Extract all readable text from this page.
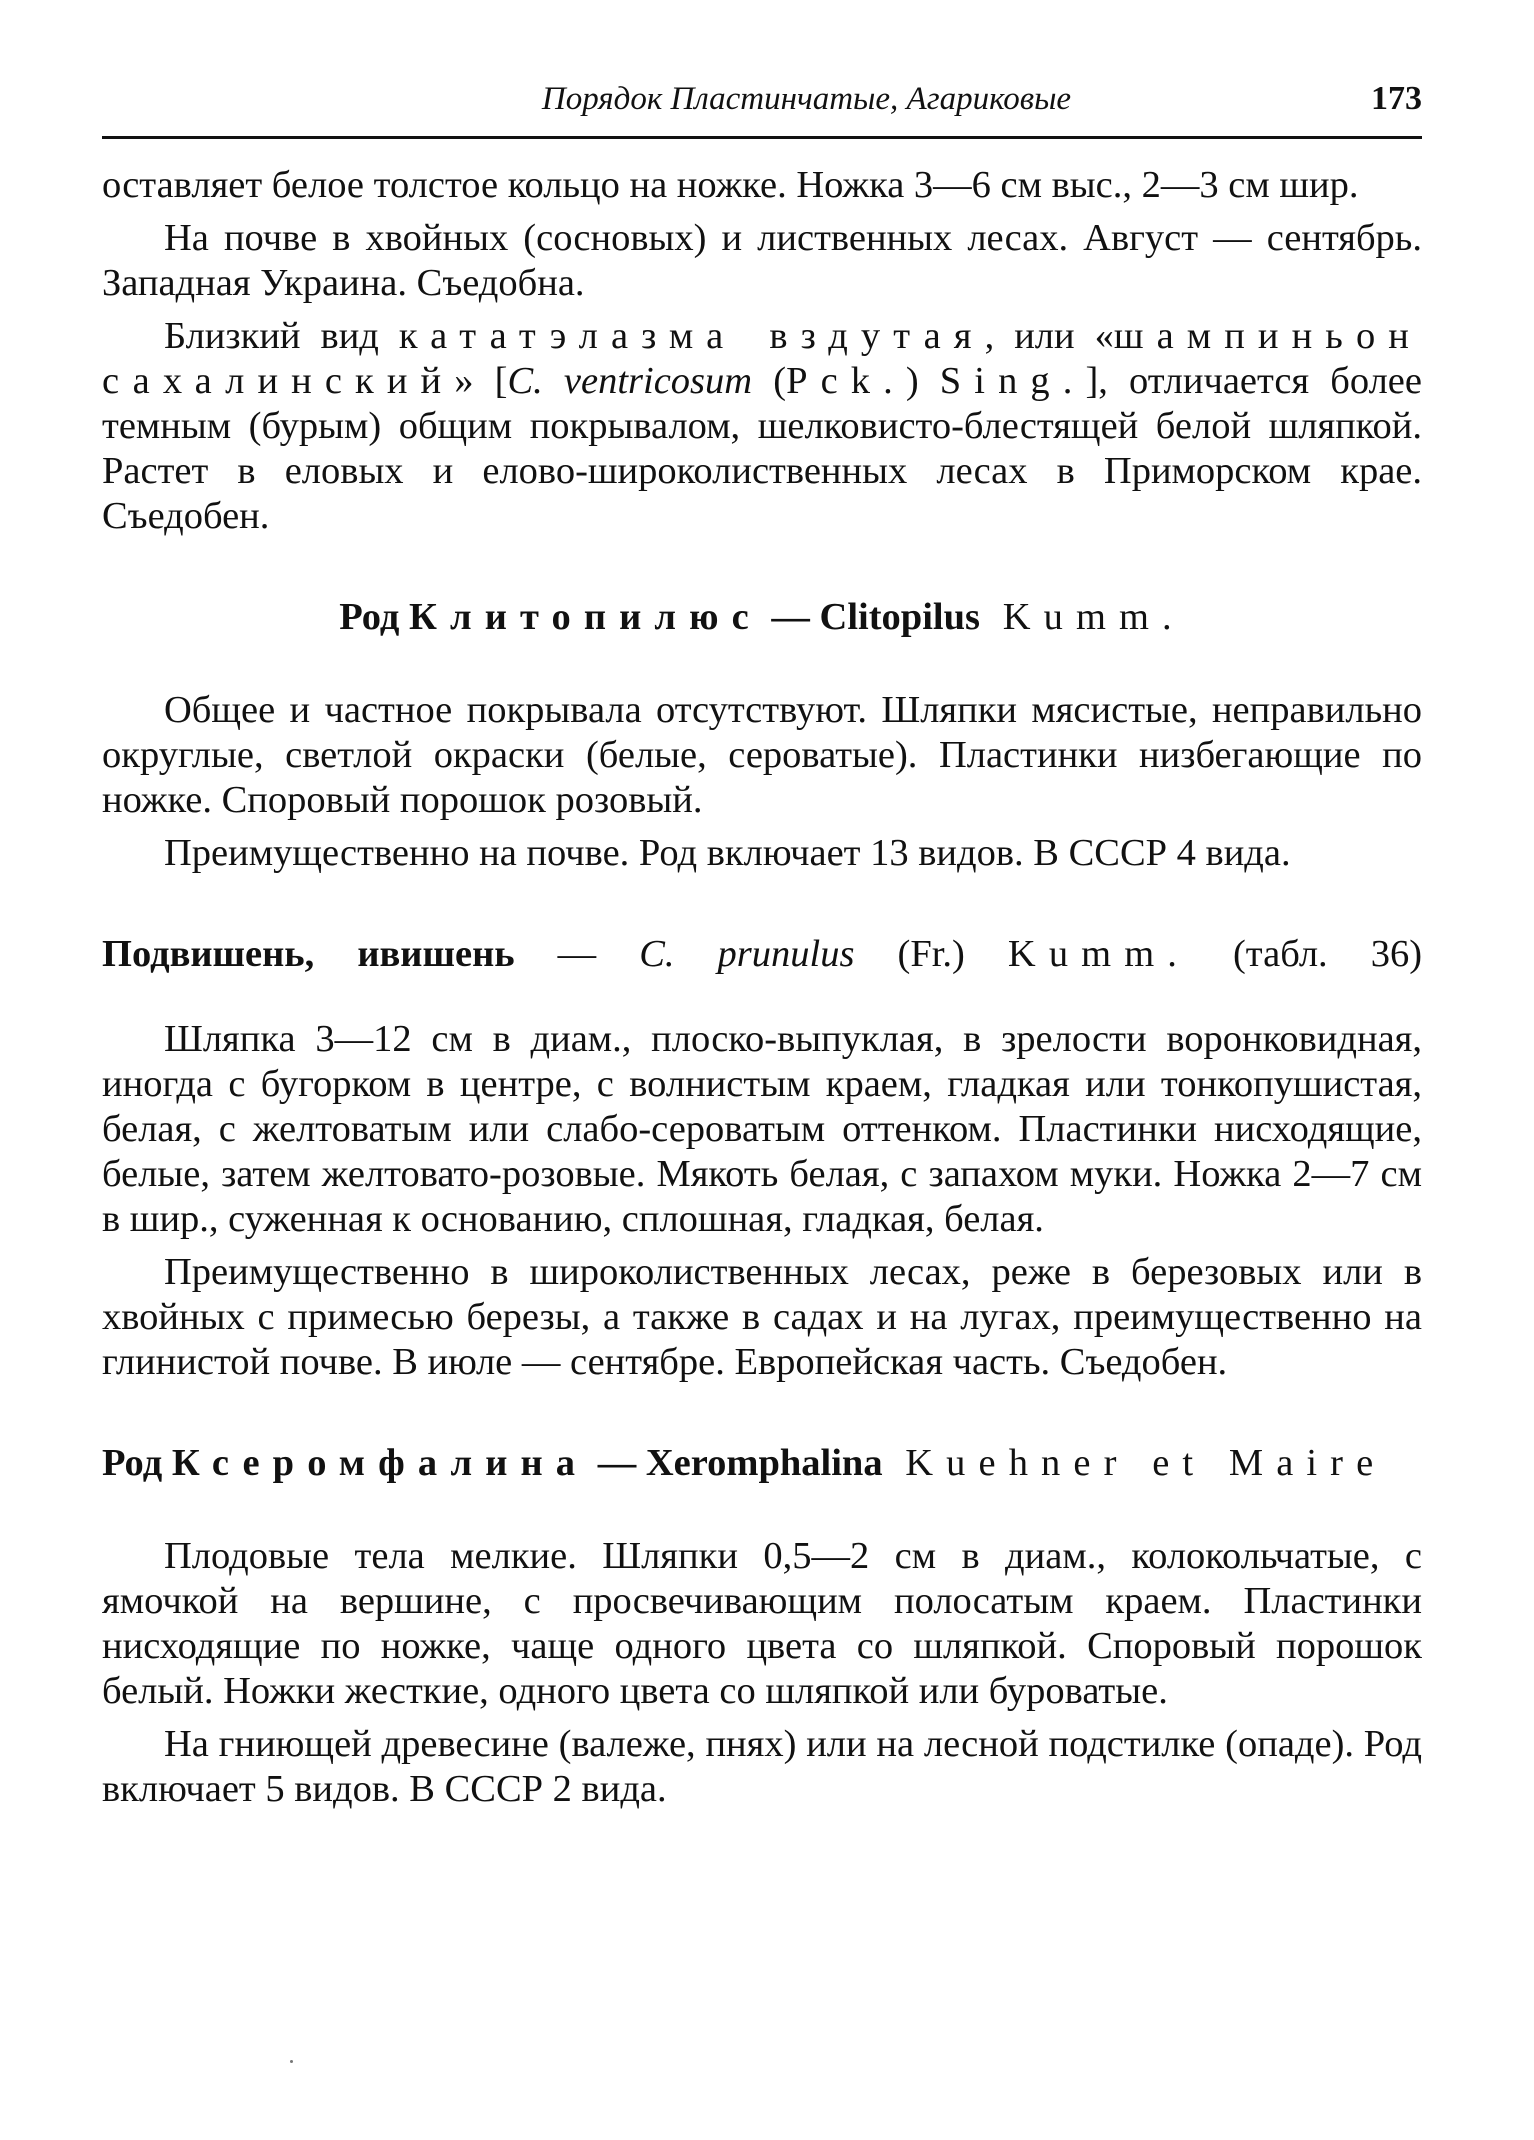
Порядок Пластинчатые, Агариковые	173

оставляет белое толстое кольцо на ножке. Ножка 3—6 см выс., 2—3 см шир.

На почве в хвойных (сосновых) и лиственных лесах. Август — сентябрь. Западная Украина. Съедобна.

Близкий вид кататэлазма вздутая, или «шампиньон сахалинский» [C. ventricosum (Pck.) Sing.], отличается более темным (бурым) общим покрывалом, шелковисто-блестящей белой шляпкой. Растет в еловых и елово-широколиственных лесах в Приморском крае. Съедобен.

Род Клитопилюс — Clitopilus Kumm.

Общее и частное покрывала отсутствуют. Шляпки мясистые, неправильно округлые, светлой окраски (белые, сероватые). Пластинки низбегающие по ножке. Споровый порошок розовый.

Преимущественно на почве. Род включает 13 видов. В СССР 4 вида.

Подвишень, ивишень — C. prunulus (Fr.) Kumm. (табл. 36)

Шляпка 3—12 см в диам., плоско-выпуклая, в зрелости воронковидная, иногда с бугорком в центре, с волнистым краем, гладкая или тонкопушистая, белая, с желтоватым или слабо-сероватым оттенком. Пластинки нисходящие, белые, затем желтовато-розовые. Мякоть белая, с запахом муки. Ножка 2—7 см в шир., суженная к основанию, сплошная, гладкая, белая.

Преимущественно в широколиственных лесах, реже в березовых или в хвойных с примесью березы, а также в садах и на лугах, преимущественно на глинистой почве. В июле — сентябре. Европейская часть. Съедобен.

Род Ксеромфалина — Xeromphalina Kuehner et Maire

Плодовые тела мелкие. Шляпки 0,5—2 см в диам., колокольчатые, с ямочкой на вершине, с просвечивающим полосатым краем. Пластинки нисходящие по ножке, чаще одного цвета со шляпкой. Споровый порошок белый. Ножки жесткие, одного цвета со шляпкой или буроватые.

На гниющей древесине (валеже, пнях) или на лесной подстилке (опаде). Род включает 5 видов. В СССР 2 вида.
